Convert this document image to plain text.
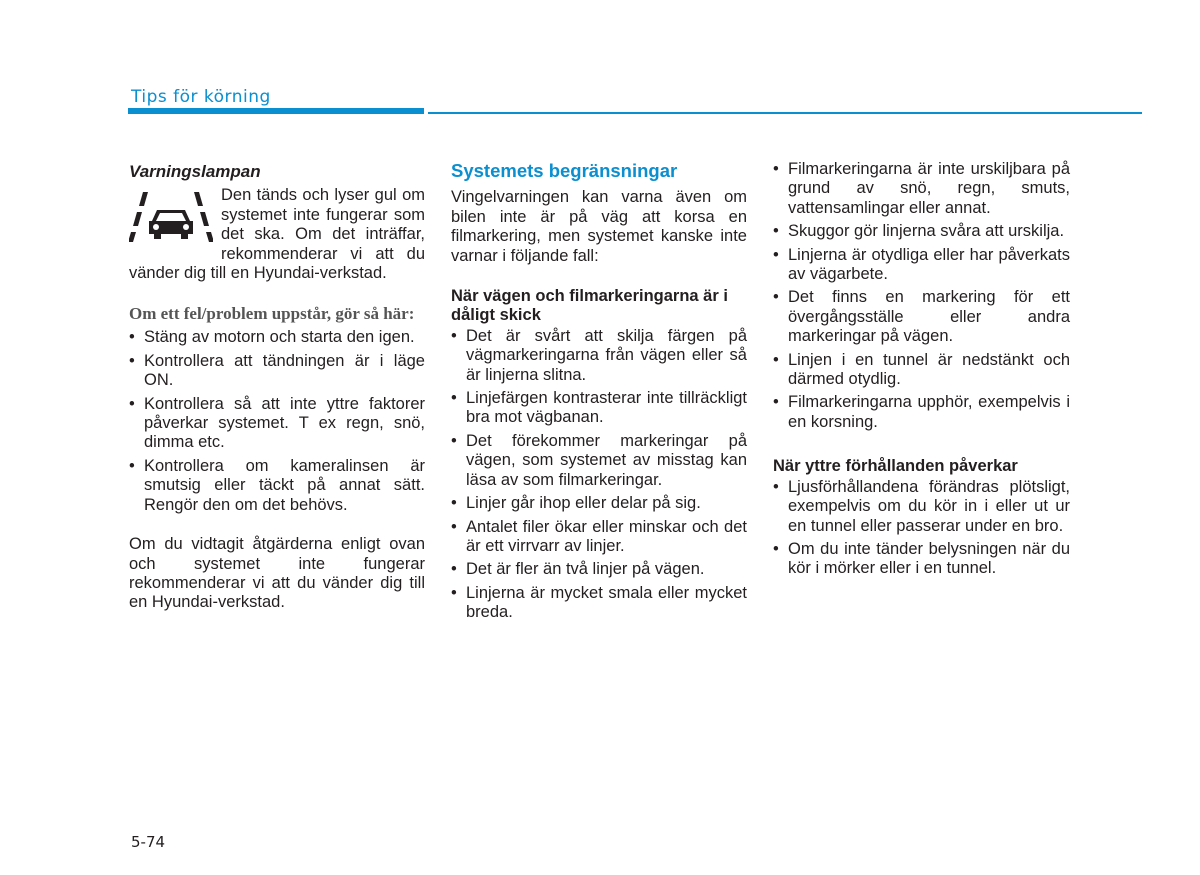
Tips för körning
Varningslampan

Den tänds och lyser gul om systemet inte fungerar som det ska. Om det inträffar, rekommenderar vi att du vänder dig till en Hyundai-verkstad.

Om ett fel/problem uppstår, gör så här:
• Stäng av motorn och starta den igen.
• Kontrollera att tändningen är i läge ON.
• Kontrollera så att inte yttre faktorer påverkar systemet. T ex regn, snö, dimma etc.
• Kontrollera om kameralinsen är smutsig eller täckt på annat sätt. Rengör den om det behövs.

Om du vidtagit åtgärderna enligt ovan och systemet inte fungerar rekommenderar vi att du vänder dig till en Hyundai-verkstad.

Systemets begränsningar

Vingelvarningen kan varna även om bilen inte är på väg att korsa en filmarkering, men systemet kanske inte varnar i följande fall:

När vägen och filmarkeringarna är i dåligt skick
• Det är svårt att skilja färgen på vägmarkeringarna från vägen eller så är linjerna slitna.
• Linjefärgen kontrasterar inte tillräckligt bra mot vägbanan.
• Det förekommer markeringar på vägen, som systemet av misstag kan läsa av som filmarkeringar.
• Linjer går ihop eller delar på sig.
• Antalet filer ökar eller minskar och det är ett virrvarr av linjer.
• Det är fler än två linjer på vägen.
• Linjerna är mycket smala eller mycket breda.
• Filmarkeringarna är inte urskiljbara på grund av snö, regn, smuts, vattensamlingar eller annat.
• Skuggor gör linjerna svåra att urskilja.
• Linjerna är otydliga eller har påverkats av vägarbete.
• Det finns en markering för ett övergångsställe eller andra markeringar på vägen.
• Linjen i en tunnel är nedstänkt och därmed otydlig.
• Filmarkeringarna upphör, exempelvis i en korsning.
När yttre förhållanden påverkar
• Ljusförhållandena förändras plötsligt, exempelvis om du kör in i eller ut ur en tunnel eller passerar under en bro.
• Om du inte tänder belysningen när du kör i mörker eller i en tunnel.
5-74
